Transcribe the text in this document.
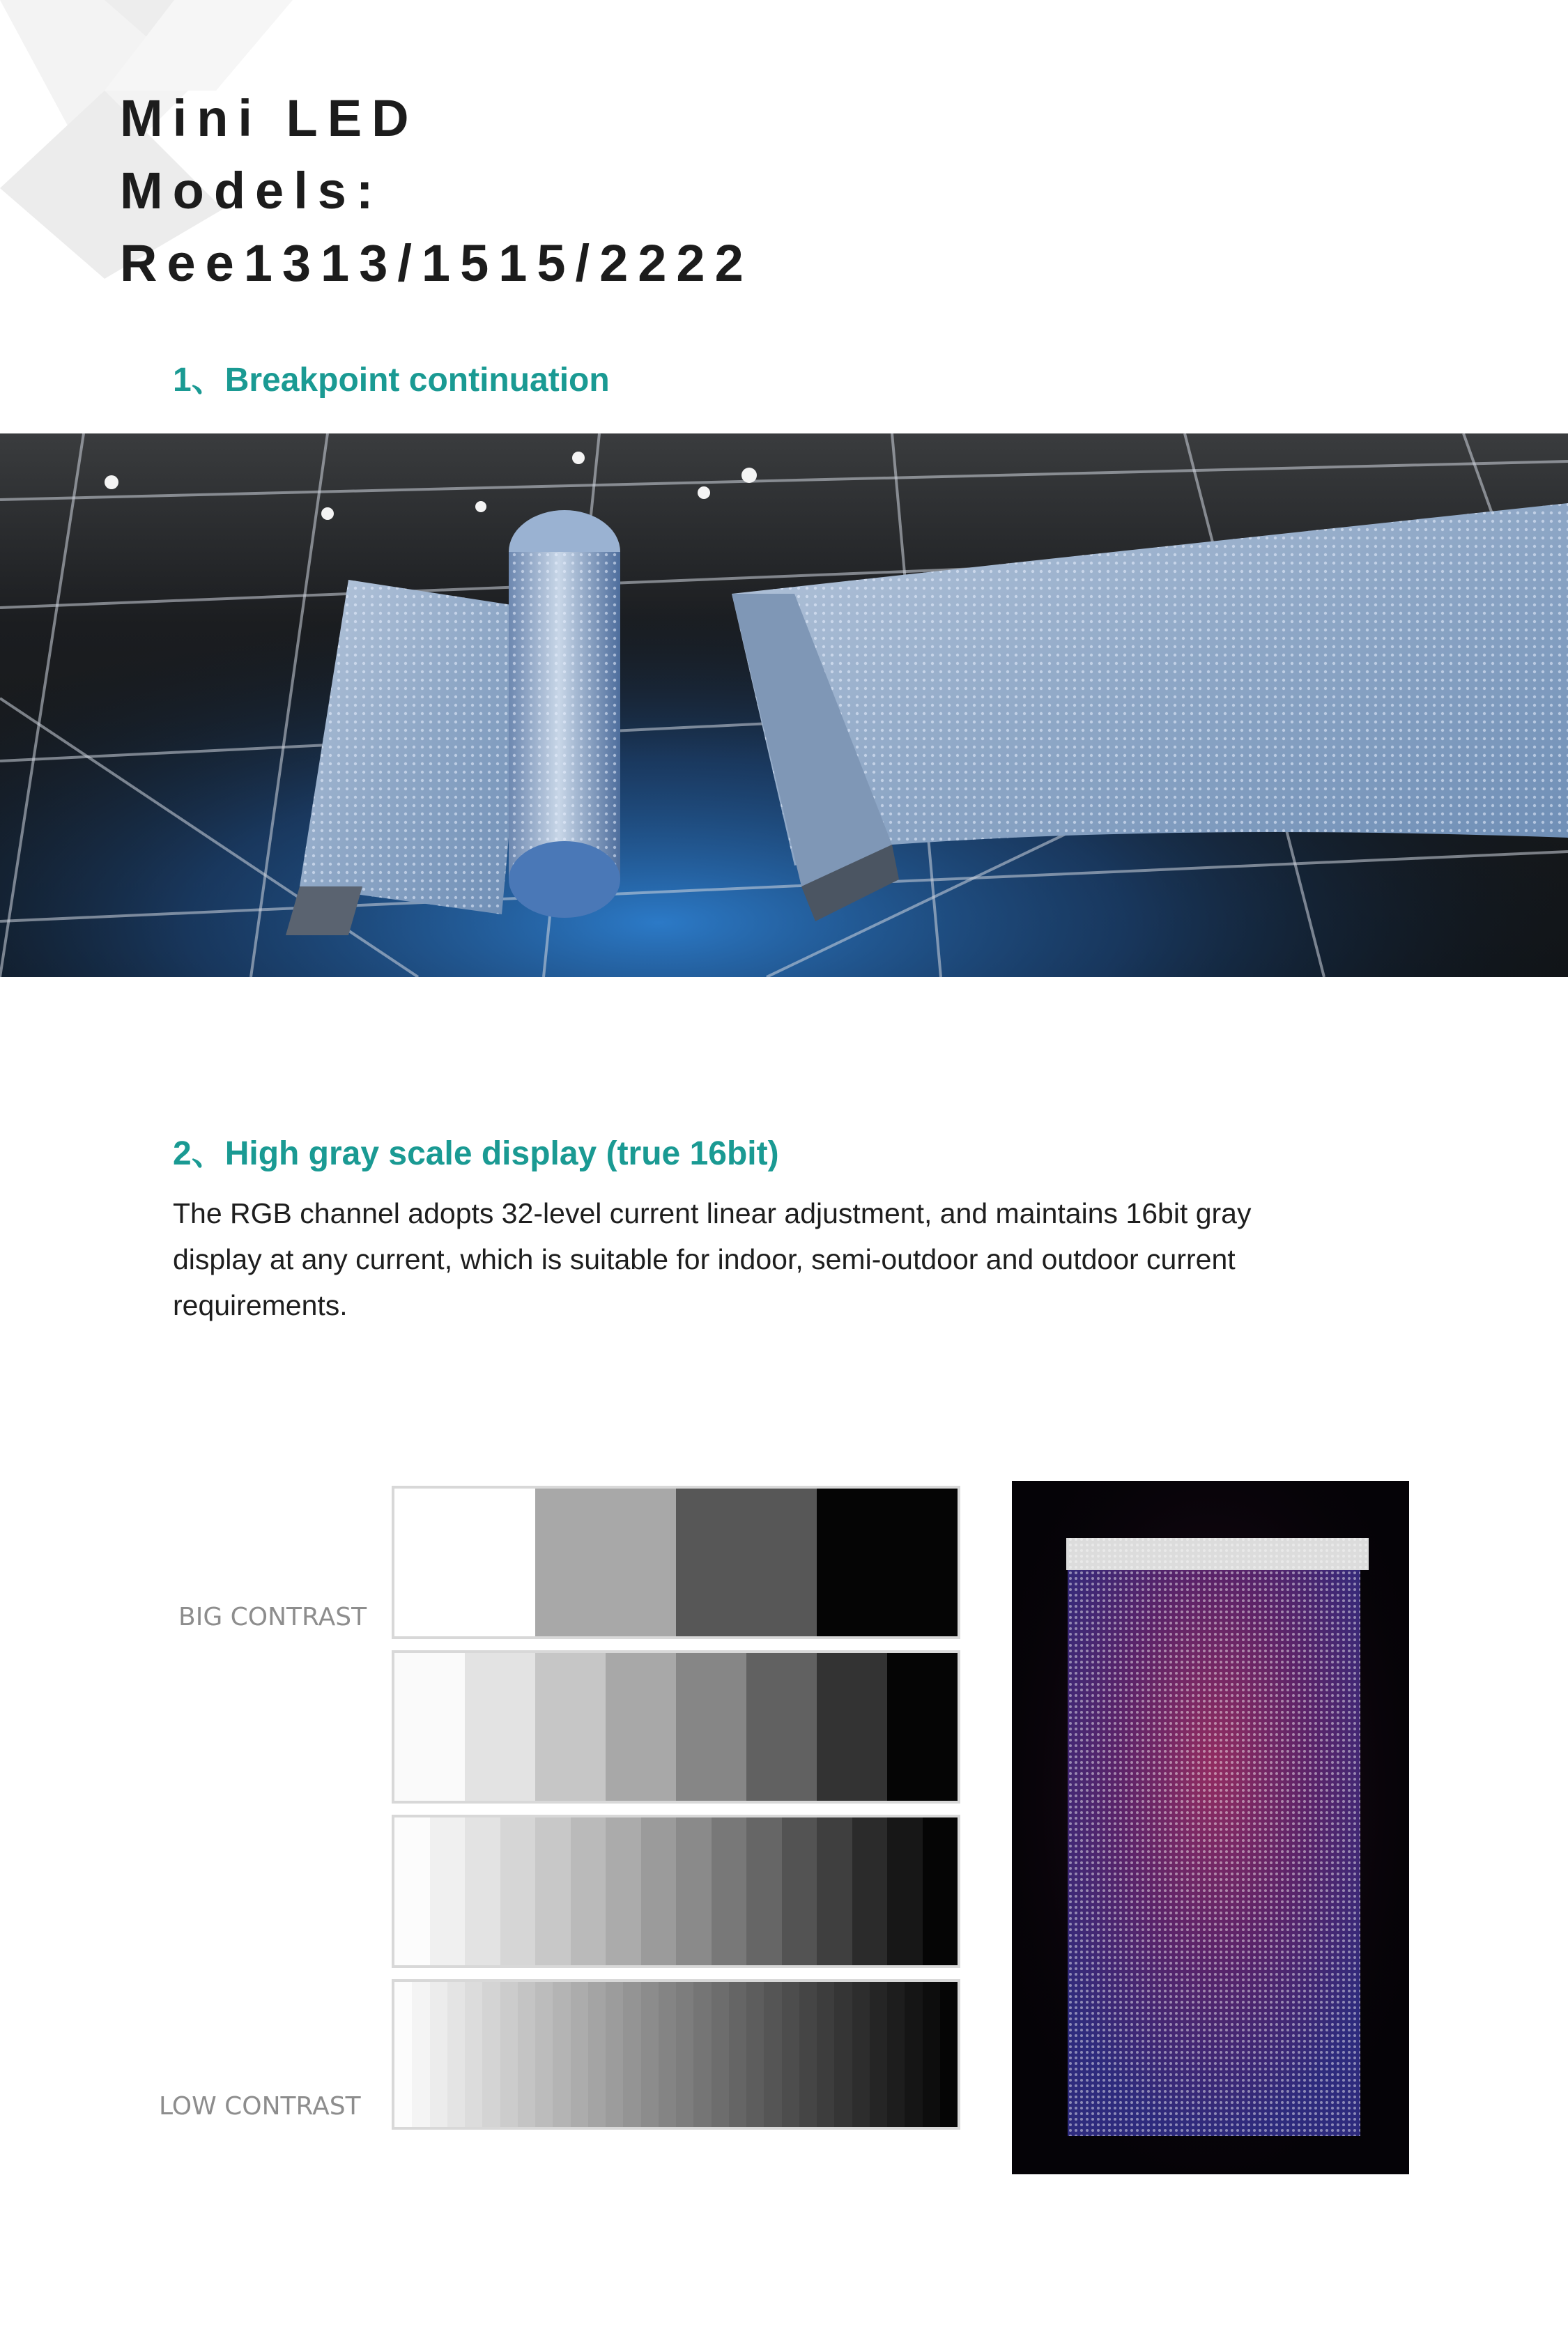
Mini LED
Models:
Ree1313/1515/2222
1、Breakpoint continuation
2、High gray scale display (true 16bit)
The RGB channel adopts 32-level current linear adjustment, and maintains 16bit gray display at any current, which is suitable for indoor, semi-outdoor and outdoor current requirements.
BIG CONTRAST
LOW CONTRAST
